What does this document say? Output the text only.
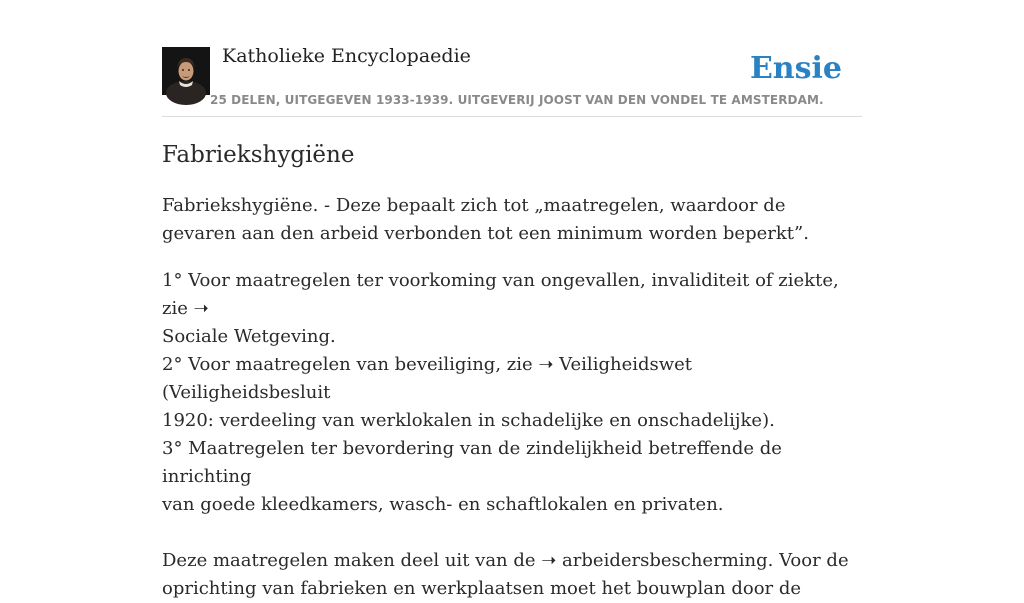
Katholieke Encyclopaedie
25 DELEN, UITGEGEVEN 1933-1939. UITGEVERIJ JOOST VAN DEN VONDEL TE AMSTERDAM.
Ensie
Fabriekshygiëne

Fabriekshygiëne. - Deze bepaalt zich tot „maatregelen, waardoor de gevaren aan den arbeid verbonden tot een minimum worden beperkt”.

1° Voor maatregelen ter voorkoming van ongevallen, invaliditeit of ziekte, zie ➝
Sociale Wetgeving.
2° Voor maatregelen van beveiliging, zie ➝ Veiligheidswet (Veiligheidsbesluit
1920: verdeeling van werklokalen in schadelijke en onschadelijke).
3° Maatregelen ter bevordering van de zindelijkheid betreffende de inrichting
van goede kleedkamers, wasch- en schaftlokalen en privaten.
Deze maatregelen maken deel uit van de ➝ arbeidersbescherming. Voor de
oprichting van fabrieken en werkplaatsen moet het bouwplan door de
